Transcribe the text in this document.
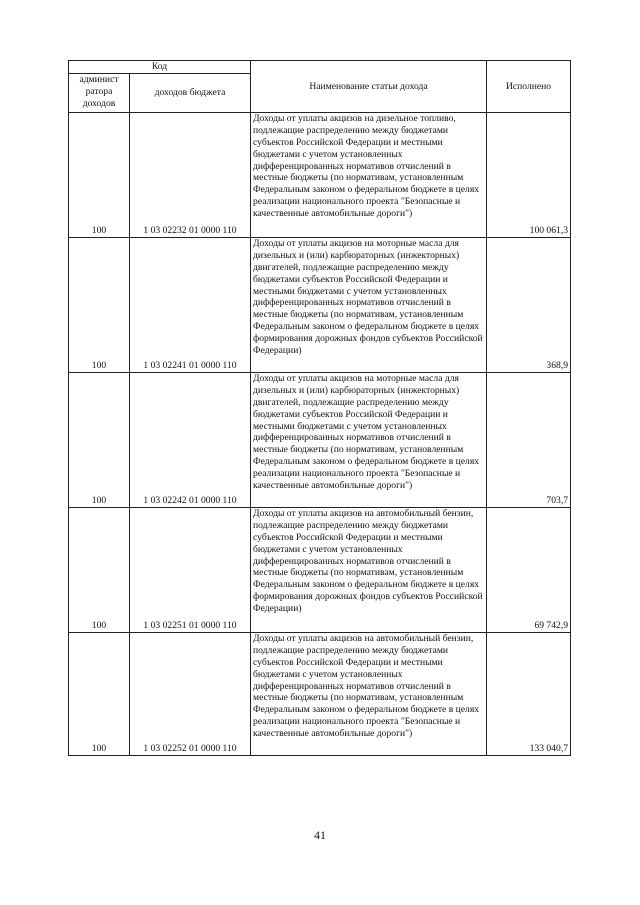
Код		Наименование статьи дохода	Исполнено
админист
ратора
доходов	доходов бюджета		
100	1 03 02232 01 0000 110	Доходы от уплаты акцизов на дизельное топливо, подлежащие распределению между бюджетами субъектов Российской Федерации и местными бюджетами с учетом установленных дифференцированных нормативов отчислений в местные бюджеты (по нормативам, установленным Федеральным законом о федеральном бюджете в целях реализации национального проекта "Безопасные и качественные автомобильные дороги")	100 061,3
100	1 03 02241 01 0000 110	Доходы от уплаты акцизов на моторные масла для дизельных и (или) карбюраторных (инжекторных) двигателей, подлежащие распределению между бюджетами субъектов Российской Федерации и местными бюджетами с учетом установленных дифференцированных нормативов отчислений в местные бюджеты (по нормативам, установленным Федеральным законом о федеральном бюджете в целях формирования дорожных фондов субъектов Российской Федерации)	368,9
100	1 03 02242 01 0000 110	Доходы от уплаты акцизов на моторные масла для дизельных и (или) карбюраторных (инжекторных) двигателей, подлежащие распределению между бюджетами субъектов Российской Федерации и местными бюджетами с учетом установленных дифференцированных нормативов отчислений в местные бюджеты (по нормативам, установленным Федеральным законом о федеральном бюджете в целях реализации национального проекта "Безопасные и качественные автомобильные дороги")	703,7
100	1 03 02251 01 0000 110	Доходы от уплаты акцизов на автомобильный бензин, подлежащие распределению между бюджетами субъектов Российской Федерации и местными бюджетами с учетом установленных дифференцированных нормативов отчислений в местные бюджеты (по нормативам, установленным Федеральным законом о федеральном бюджете в целях формирования дорожных фондов субъектов Российской Федерации)	69 742,9
100	1 03 02252 01 0000 110	Доходы от уплаты акцизов на автомобильный бензин, подлежащие распределению между бюджетами субъектов Российской Федерации и местными бюджетами с учетом установленных дифференцированных нормативов отчислений в местные бюджеты (по нормативам, установленным Федеральным законом о федеральном бюджете в целях реализации национального проекта "Безопасные и качественные автомобильные дороги")	133 040,7
41
